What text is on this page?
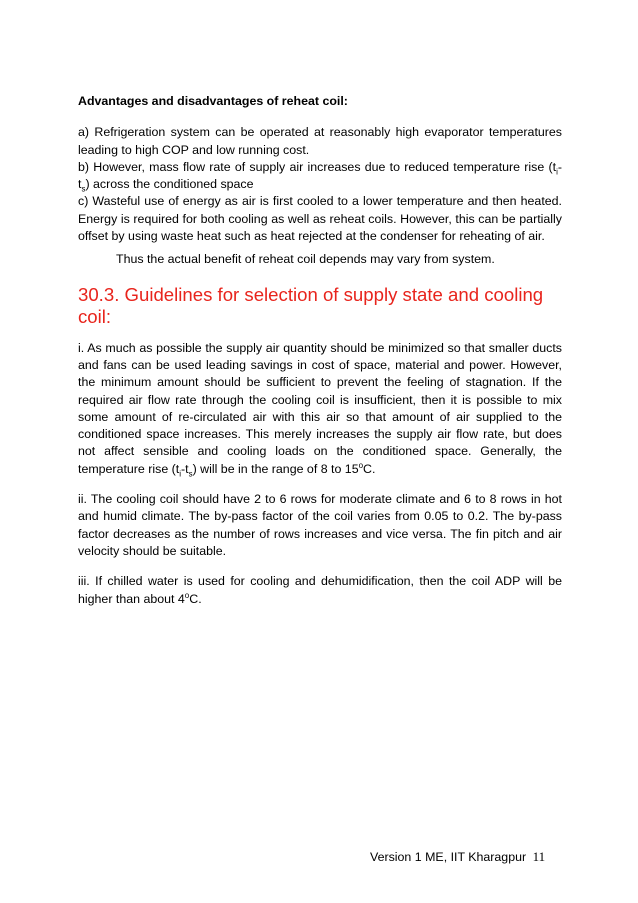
Advantages and disadvantages of reheat coil:

a) Refrigeration system can be operated at reasonably high evaporator temperatures leading to high COP and low running cost.

b) However, mass flow rate of supply air increases due to reduced temperature rise $(t_i-t_s)$ across the conditioned space

c) Wasteful use of energy as air is first cooled to a lower temperature and then heated. Energy is required for both cooling as well as reheat coils. However, this can be partially offset by using waste heat such as heat rejected at the condenser for reheating of air.

Thus the actual benefit of reheat coil depends may vary from system.

30.3. Guidelines for selection of supply state and cooling coil:

i. As much as possible the supply air quantity should be minimized so that smaller ducts and fans can be used leading savings in cost of space, material and power. However, the minimum amount should be sufficient to prevent the feeling of stagnation. If the required air flow rate through the cooling coil is insufficient, then it is possible to mix some amount of re-circulated air with this air so that amount of air supplied to the conditioned space increases. This merely increases the supply air flow rate, but does not affect sensible and cooling loads on the conditioned space. Generally, the temperature rise $(t_i-t_s)$ will be in the range of 8 to 15$^o$C.

ii. The cooling coil should have 2 to 6 rows for moderate climate and 6 to 8 rows in hot and humid climate. The by-pass factor of the coil varies from 0.05 to 0.2. The by-pass factor decreases as the number of rows increases and vice versa. The fin pitch and air velocity should be suitable.

iii. If chilled water is used for cooling and dehumidification, then the coil ADP will be higher than about 4$^o$C.

Version 1 ME, IIT Kharagpur 11
